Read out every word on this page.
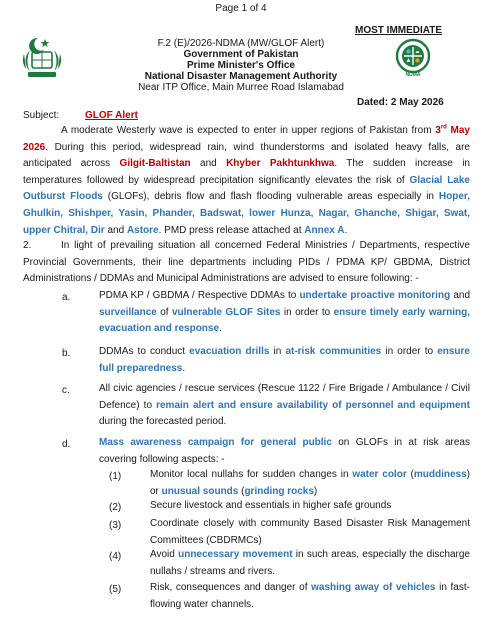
Page 1 of 4
F.2 (E)/2026-NDMA (MW/GLOF Alert)
Government of Pakistan
Prime Minister's Office
National Disaster Management Authority
Near ITP Office, Main Murree Road Islamabad
MOST IMMEDIATE
NDMA
Dated: 2 May 2026
Subject:	GLOF Alert
A moderate Westerly wave is expected to enter in upper regions of Pakistan from 3rd May 2026. During this period, widespread rain, wind thunderstorms and isolated heavy falls, are anticipated across Gilgit-Baltistan and Khyber Pakhtunkhwa. The sudden increase in temperatures followed by widespread precipitation significantly elevates the risk of Glacial Lake Outburst Floods (GLOFs), debris flow and flash flooding vulnerable areas especially in Hoper, Ghulkin, Shishper, Yasin, Phander, Badswat, lower Hunza, Nagar, Ghanche, Shigar, Swat, upper Chitral, Dir and Astore. PMD press release attached at Annex A.
2.	In light of prevailing situation all concerned Federal Ministries / Departments, respective Provincial Governments, their line departments including PIDs / PDMA KP/ GBDMA, District Administrations / DDMAs and Municipal Administrations are advised to ensure following: -
a.	PDMA KP / GBDMA / Respective DDMAs to undertake proactive monitoring and surveillance of vulnerable GLOF Sites in order to ensure timely early warning, evacuation and response.
b.	DDMAs to conduct evacuation drills in at-risk communities in order to ensure full preparedness.
c.	All civic agencies / rescue services (Rescue 1122 / Fire Brigade / Ambulance / Civil Defence) to remain alert and ensure availability of personnel and equipment during the forecasted period.
d.	Mass awareness campaign for general public on GLOFs in at risk areas covering following aspects: -
(1)	Monitor local nullahs for sudden changes in water color (muddiness) or unusual sounds (grinding rocks)
(2)	Secure livestock and essentials in higher safe grounds
(3)	Coordinate closely with community Based Disaster Risk Management Committees (CBDRMCs)
(4)	Avoid unnecessary movement in such areas, especially the discharge nullahs / streams and rivers.
(5)	Risk, consequences and danger of washing away of vehicles in fast-flowing water channels.
